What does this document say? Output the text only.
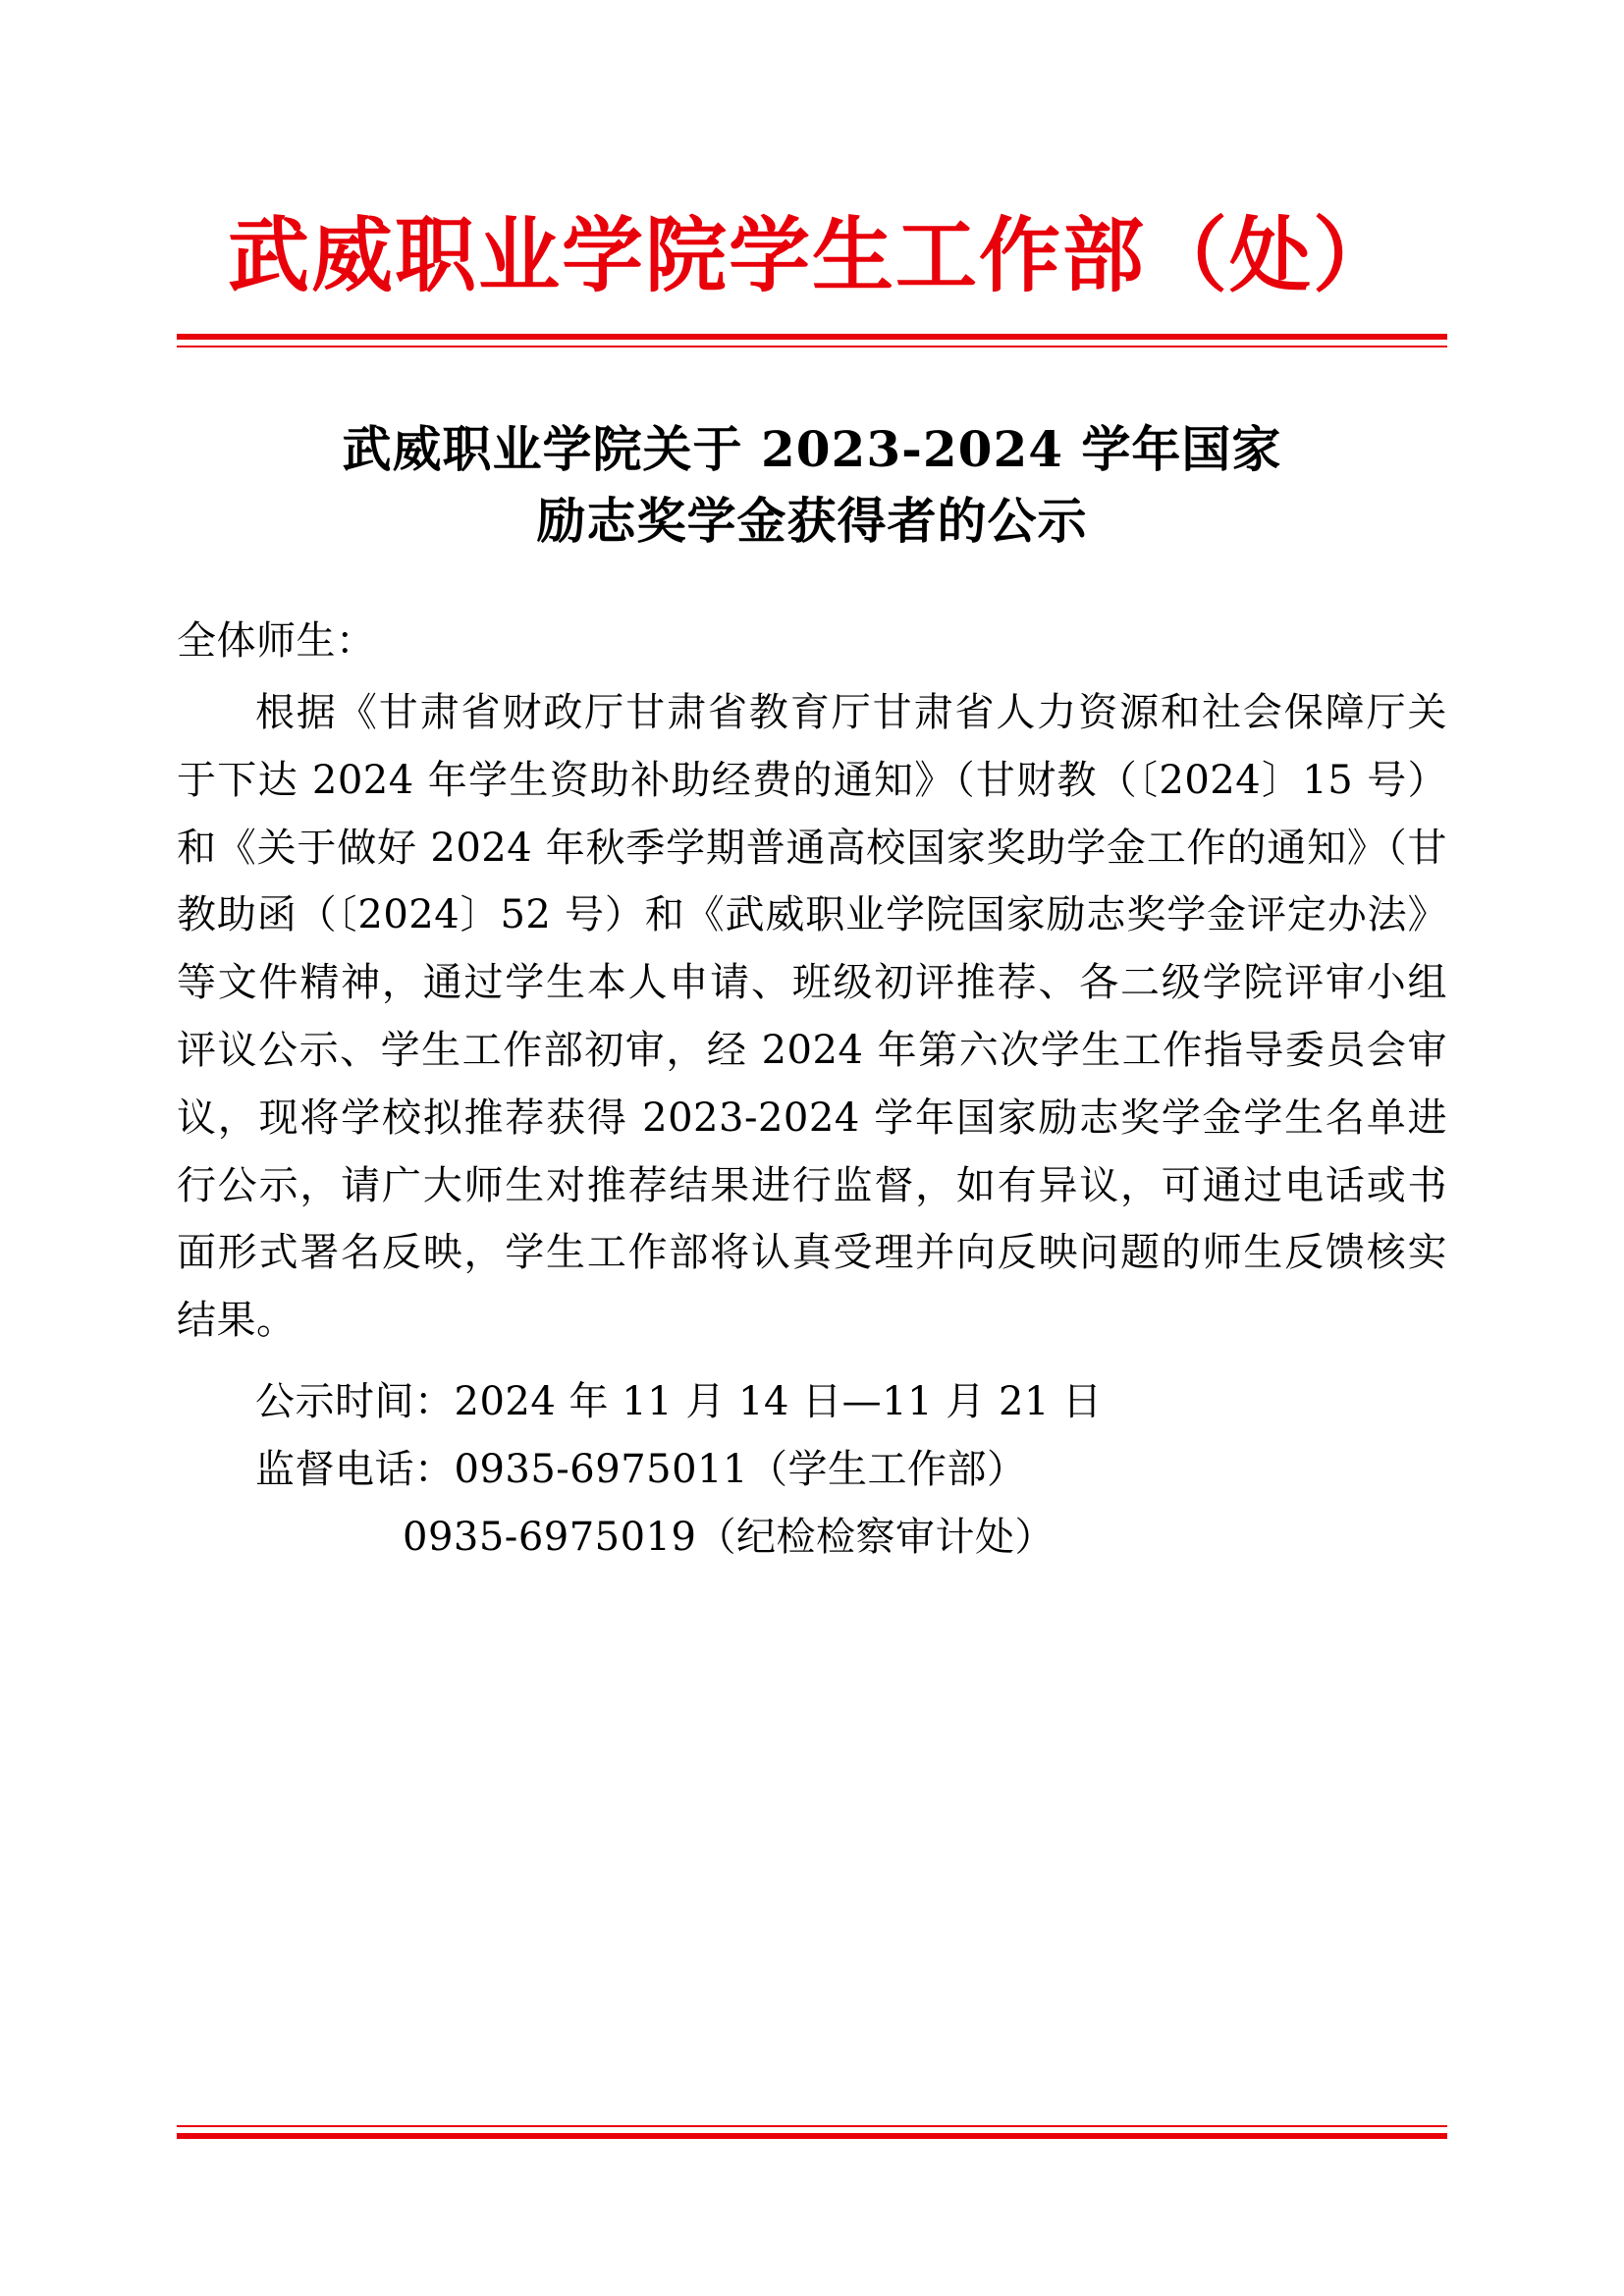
武威职业学院学生工作部（处）
武威职业学院关于 2023-2024 学年国家
励志奖学金获得者的公示

全体师生：

根据《甘肃省财政厅甘肃省教育厅甘肃省人力资源和社会保障厅关于下达 2024 年学生资助补助经费的通知》（甘财教（〔2024〕15 号）和《关于做好 2024 年秋季学期普通高校国家奖助学金工作的通知》（甘教助函（〔2024〕52 号）和《武威职业学院国家励志奖学金评定办法》等文件精神，通过学生本人申请、班级初评推荐、各二级学院评审小组评议公示、学生工作部初审，经 2024 年第六次学生工作指导委员会审议，现将学校拟推荐获得 2023-2024 学年国家励志奖学金学生名单进行公示，请广大师生对推荐结果进行监督，如有异议，可通过电话或书面形式署名反映，学生工作部将认真受理并向反映问题的师生反馈核实结果。

公示时间：2024 年 11 月 14 日—11 月 21 日

监督电话：0935-6975011（学生工作部）

0935-6975019（纪检检察审计处）
